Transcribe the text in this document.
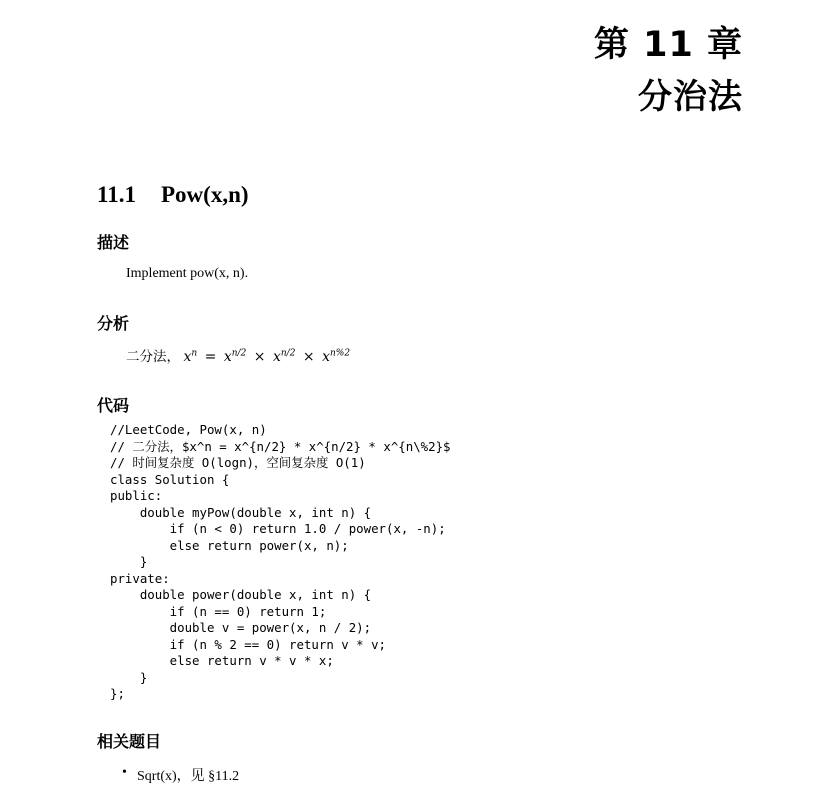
第 11 章
分治法
11.1 Pow(x,n)
描述
Implement pow(x, n).
分析
二分法， $x^n = x^{n/2} \times x^{n/2} \times x^{n\%2}$
代码
//LeetCode, Pow(x, n)
// 二分法，$x^n = x^{n/2} * x^{n/2} * x^{n\%2}$
// 时间复杂度 O(logn)，空间复杂度 O(1)
class Solution {
public:
double myPow(double x, int n) {
if (n < 0) return 1.0 / power(x, -n);
else return power(x, n);
}
private:
double power(double x, int n) {
if (n == 0) return 1;
double v = power(x, n / 2);
if (n % 2 == 0) return v * v;
else return v * v * x;
}
};
相关题目
• Sqrt(x)，见 §11.2
